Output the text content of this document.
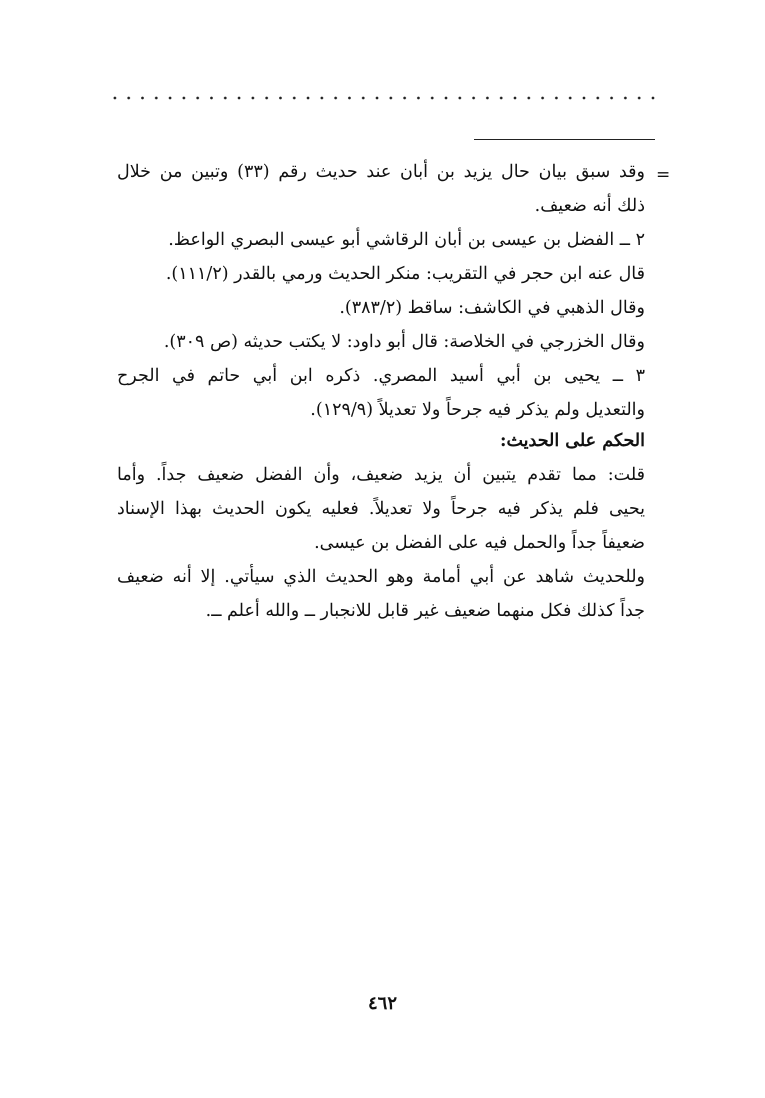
=
وقد سبق بيان حال يزيد بن أبان عند حديث رقم (٣٣) وتبين من خلال
ذلك أنه ضعيف.
٢ ــ الفضل بن عيسى بن أبان الرقاشي أبو عيسى البصري الواعظ.
قال عنه ابن حجر في التقريب: منكر الحديث ورمي بالقدر (١١١/٢).
وقال الذهبي في الكاشف: ساقط (٣٨٣/٢).
وقال الخزرجي في الخلاصة: قال أبو داود: لا يكتب حديثه (ص ٣٠٩).
٣ ــ يحيى بن أبي أسيد المصري. ذكره ابن أبي حاتم في الجرح
والتعديل ولم يذكر فيه جرحاً ولا تعديلاً (١٢٩/٩).
الحكم على الحديث:
قلت: مما تقدم يتبين أن يزيد ضعيف، وأن الفضل ضعيف جداً. وأما
يحيى فلم يذكر فيه جرحاً ولا تعديلاً. فعليه يكون الحديث بهذا الإسناد
ضعيفاً جداً والحمل فيه على الفضل بن عيسى.
وللحديث شاهد عن أبي أمامة وهو الحديث الذي سيأتي. إلا أنه ضعيف
جداً كذلك فكل منهما ضعيف غير قابل للانجبار ــ والله أعلم ــ.
٤٦٢
